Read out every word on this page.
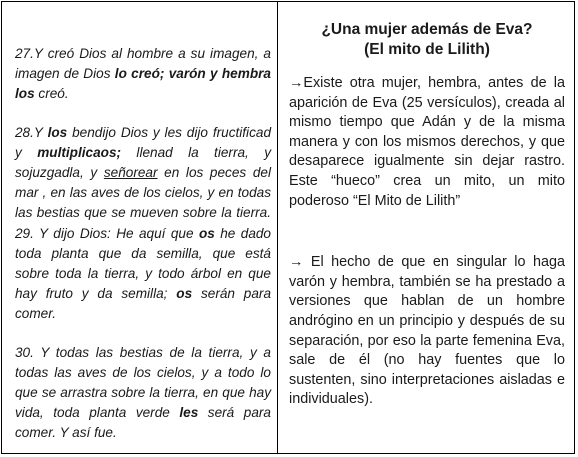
27.Y creó Dios al hombre a su imagen, a imagen de Dios lo creó; varón y hembra los creó.

28.Y los bendijo Dios y les dijo fructificad y multiplicaos; llenad la tierra, y sojuzgadla, y señorear en los peces del mar , en las aves de los cielos, y en todas las bestias que se mueven sobre la tierra. 29. Y dijo Dios: He aquí que os he dado toda planta que da semilla, que está sobre toda la tierra, y todo árbol en que hay fruto y da semilla; os serán para comer.

30. Y todas las bestias de la tierra, y a todas las aves de los cielos, y a todo lo que se arrastra sobre la tierra, en que hay vida, toda planta verde les será para comer. Y así fue.

¿Una mujer además de Eva?
(El mito de Lilith)

→Existe otra mujer, hembra, antes de la aparición de Eva (25 versículos), creada al mismo tiempo que Adán y de la misma manera y con los mismos derechos, y que desaparece igualmente sin dejar rastro. Este “hueco” crea un mito, un mito poderoso “El Mito de Lilith”

→ El hecho de que en singular lo haga varón y hembra, también se ha prestado a versiones que hablan de un hombre andrógino en un principio y después de su separación, por eso la parte femenina Eva, sale de él (no hay fuentes que lo sustenten, sino interpretaciones aisladas e individuales).
